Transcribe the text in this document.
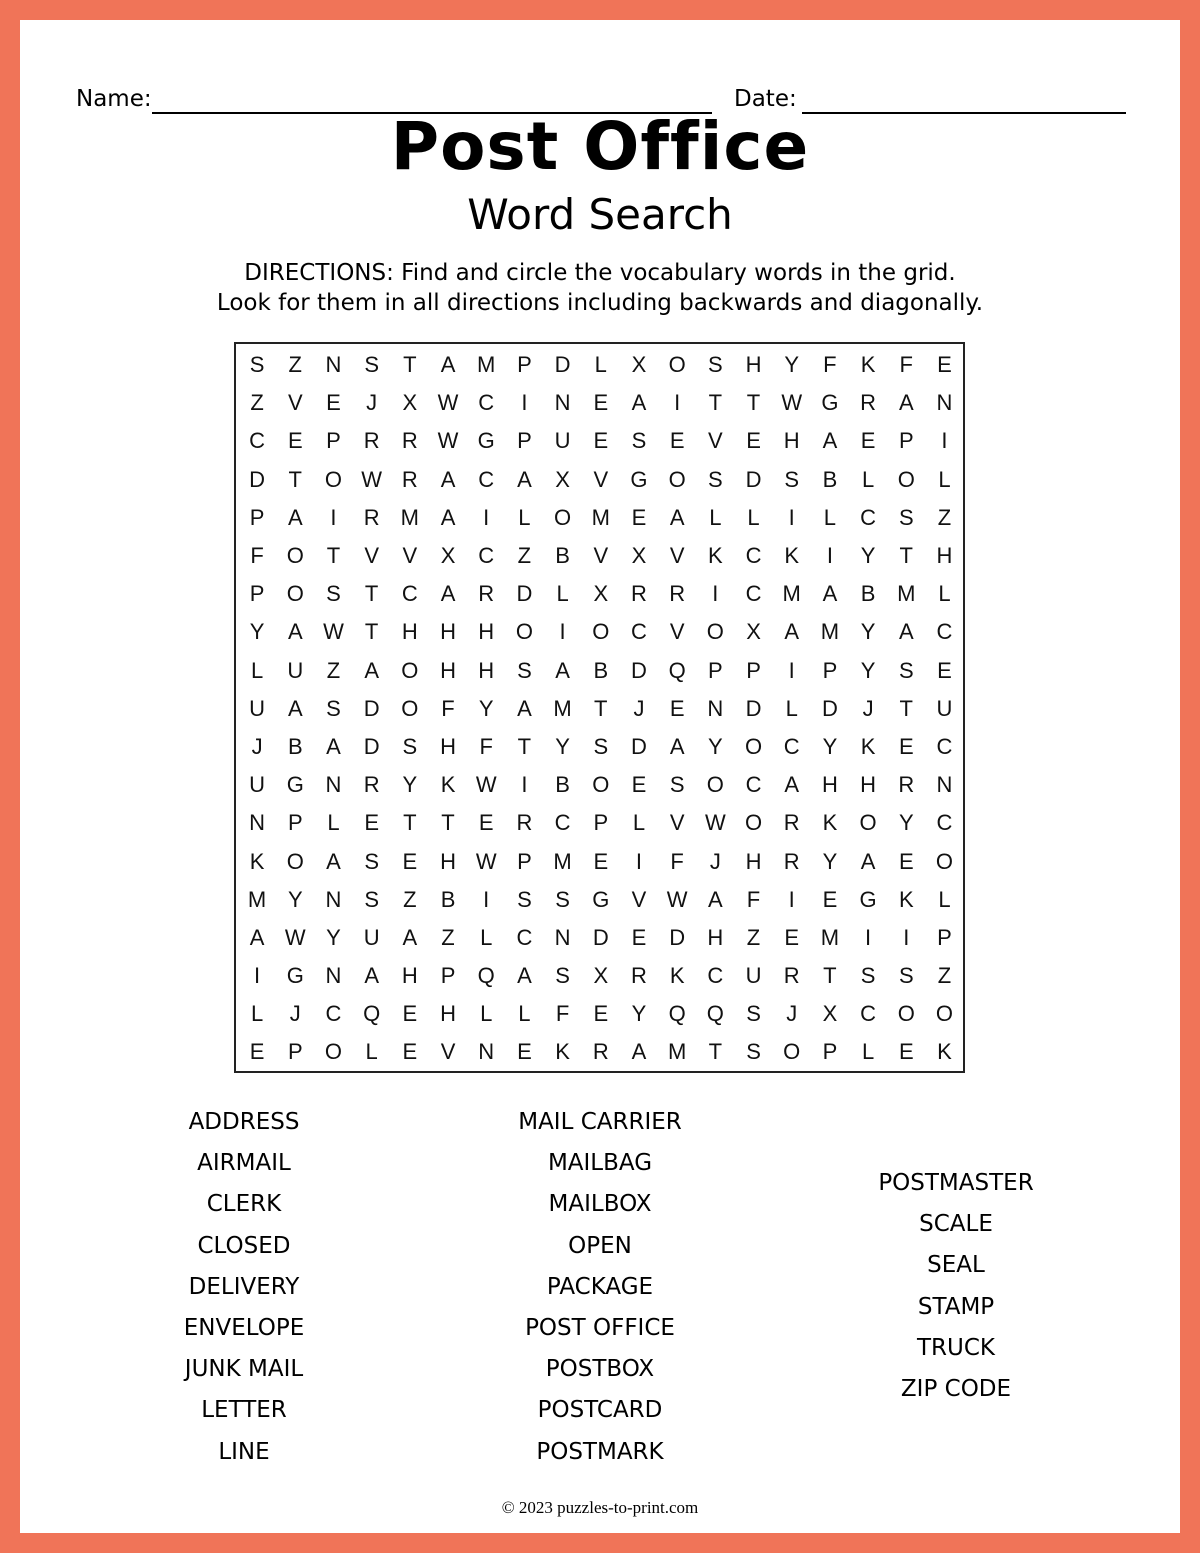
Name:	Date:
Post Office
Word Search
DIRECTIONS: Find and circle the vocabulary words in the grid.
Look for them in all directions including backwards and diagonally.
S	Z	N	S	T	A M P	D	L	X	O	S	H	Y	F	K	F	E
Z	V	E	J	X W C	I	N	E	A	I	T	T W G R	A	N
C	E	P	R	R W G	P	U	E	S	E	V	E	H	A	E	P	I
D	T	O W R	A	C	A	X	V	G O	S	D	S	B	L	O	L
P	A	I	R M A	I	L	O M E	A	L	L	I	L	C	S	Z
F	O	T	V	V	X	C	Z	B	V	X	V	K	C	K	I	Y	T	H
P	O	S	T	C	A	R	D	L	X	R	R	I	C M A	B M	L
Y	A W T	H	H	H O	I	O C	V	O	X	A M Y	A	C
L	U	Z	A	O H	H	S	A	B	D Q	P	P	I	P	Y	S	E
U	A	S	D O	F	Y	A M	T	J	E	N	D	L	D	J	T	U
J	B	A	D	S	H	F	T	Y	S	D	A	Y	O C	Y	K	E	C
U G N	R	Y	K W	I	B	O	E	S	O C	A	H	H	R	N
N	P	L	E	T	T	E	R	C	P	L	V W O R	K	O	Y	C
K	O	A	S	E	H W P M E	I	F	J	H	R	Y	A	E	O
M Y	N	S	Z	B	I	S	S	G	V W A	F	I	E	G	K	L
A W Y	U	A	Z	L	C	N	D	E	D	H	Z	E M	I	I	P
I	G N	A	H	P	Q	A	S	X	R	K	C	U	R	T	S	S	Z
L	J	C Q	E	H	L	L	F	E	Y	Q Q	S	J	X	C O O
E	P	O	L	E	V	N	E	K	R	A M	T	S	O	P	L	E	K
ADDRESS
AIRMAIL
CLERK
CLOSED
DELIVERY
ENVELOPE
JUNK MAIL
LETTER
LINE
MAIL CARRIER
MAILBAG
MAILBOX
OPEN
PACKAGE
POST OFFICE
POSTBOX
POSTCARD
POSTMARK
POSTMASTER
SCALE
SEAL
STAMP
TRUCK
ZIP CODE
© 2023 puzzles-to-print.com
